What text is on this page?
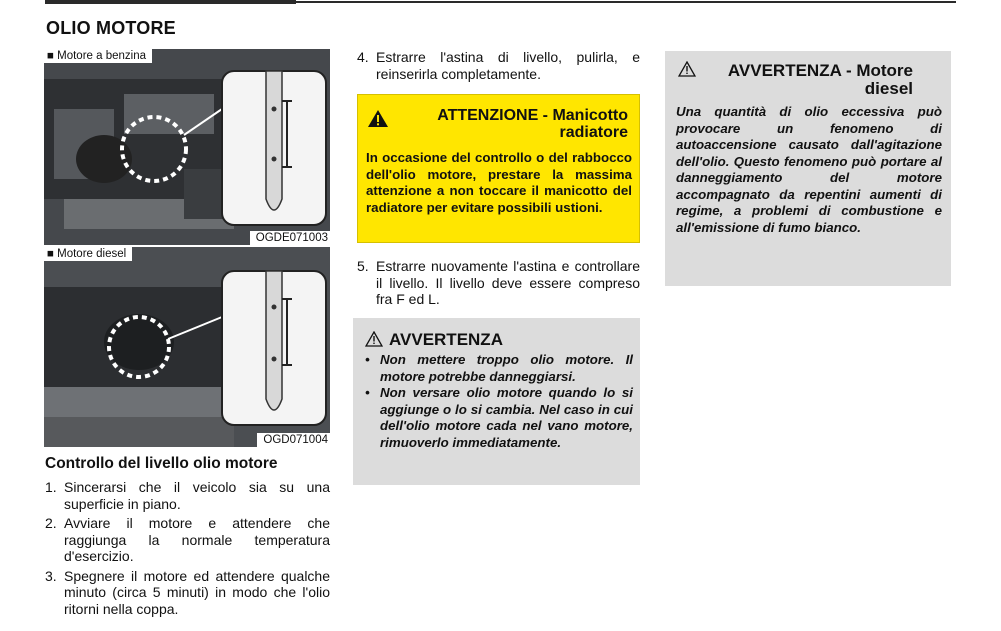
OLIO MOTORE
■ Motore a benzina
OGDE071003
■ Motore diesel
OGD071004
Controllo del livello olio motore
1. Sincerarsi che il veicolo sia su una superficie in piano.
2. Avviare il motore e attendere che raggiunga la normale temperatura d'esercizio.
3. Spegnere il motore ed attendere qualche minuto (circa 5 minuti) in modo che l'olio ritorni nella coppa.
4. Estrarre l'astina di livello, pulirla, e reinserirla completamente.
ATTENZIONE - Manicotto radiatore
In occasione del controllo o del rabbocco dell'olio motore, prestare la massima attenzione a non toccare il manicotto del radiatore per evitare possibili ustioni.
5. Estrarre nuovamente l'astina e controllare il livello. Il livello deve essere compreso fra F ed L.
AVVERTENZA
• Non mettere troppo olio motore. Il motore potrebbe danneggiarsi.
• Non versare olio motore quando lo si aggiunge o lo si cambia. Nel caso in cui dell'olio motore cada nel vano motore, rimuoverlo immediatamente.
AVVERTENZA - Motore diesel
Una quantità di olio eccessiva può provocare un fenomeno di autoaccensione causato dall'agitazione dell'olio. Questo fenomeno può portare al danneggiamento del motore accompagnato da repentini aumenti di regime, a problemi di combustione e all'emissione di fumo bianco.
